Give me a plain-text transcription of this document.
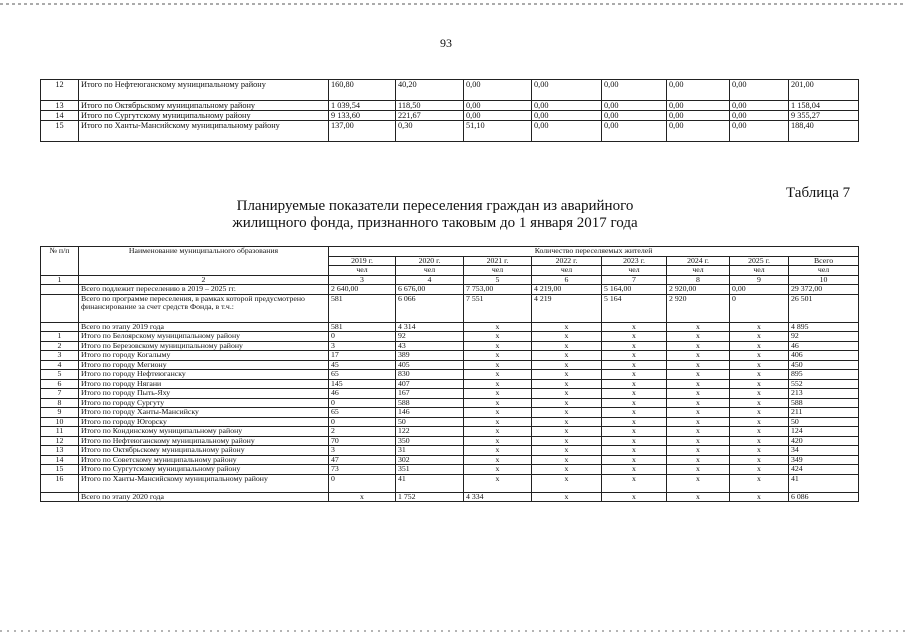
93
12	Итого по Нефтеюганскому муниципальному району	160,80	40,20	0,00	0,00	0,00	0,00	0,00	201,00
13	Итого по Октябрьскому муниципальному району	1 039,54	118,50	0,00	0,00	0,00	0,00	0,00	1 158,04
14	Итого по Сургутскому муниципальному району	9 133,60	221,67	0,00	0,00	0,00	0,00	0,00	9 355,27
15	Итого по Ханты-Мансийскому муниципальному району	137,00	0,30	51,10	0,00	0,00	0,00	0,00	188,40
Таблица 7
Планируемые показатели переселения граждан из аварийного жилищного фонда, признанного таковым до 1 января 2017 года
№ п/п	Наименование муниципального образования	Количество переселяемых жителей							
		2019 г.	2020 г.	2021 г.	2022 г.	2023 г.	2024 г.	2025 г.	Всего
		чел	чел	чел	чел	чел	чел	чел	чел
1	2	3	4	5	6	7	8	9	10
	Всего подлежит переселению в 2019 – 2025 гг.	2 640,00	6 676,00	7 753,00	4 219,00	5 164,00	2 920,00	0,00	29 372,00
	Всего по программе переселения, в рамках которой предусмотрено финансирование за счет средств Фонда, в т.ч.:	581	6 066	7 551	4 219	5 164	2 920	0	26 501
	Всего по этапу 2019 года	581	4 314	x	x	x	x	x	4 895
1	Итого по Белоярскому муниципальному району	0	92	x	x	x	x	x	92
2	Итого по Березовскому муниципальному району	3	43	x	x	x	x	x	46
3	Итого по городу Когалыму	17	389	x	x	x	x	x	406
4	Итого по городу Мегиону	45	405	x	x	x	x	x	450
5	Итого по городу Нефтеюганску	65	830	x	x	x	x	x	895
6	Итого по городу Нягани	145	407	x	x	x	x	x	552
7	Итого по городу Пыть-Яху	46	167	x	x	x	x	x	213
8	Итого по городу Сургуту	0	588	x	x	x	x	x	588
9	Итого по городу Ханты-Мансийску	65	146	x	x	x	x	x	211
10	Итого по городу Югорску	0	50	x	x	x	x	x	50
11	Итого по Кондинскому муниципальному району	2	122	x	x	x	x	x	124
12	Итого по Нефтеюганскому муниципальному району	70	350	x	x	x	x	x	420
13	Итого по Октябрьскому муниципальному району	3	31	x	x	x	x	x	34
14	Итого по Советскому муниципальному району	47	302	x	x	x	x	x	349
15	Итого по Сургутскому муниципальному району	73	351	x	x	x	x	x	424
16	Итого по Ханты-Мансийскому муниципальному району	0	41	x	x	x	x	x	41
	Всего по этапу 2020 года	x	1 752	4 334	x	x	x	x	6 086
